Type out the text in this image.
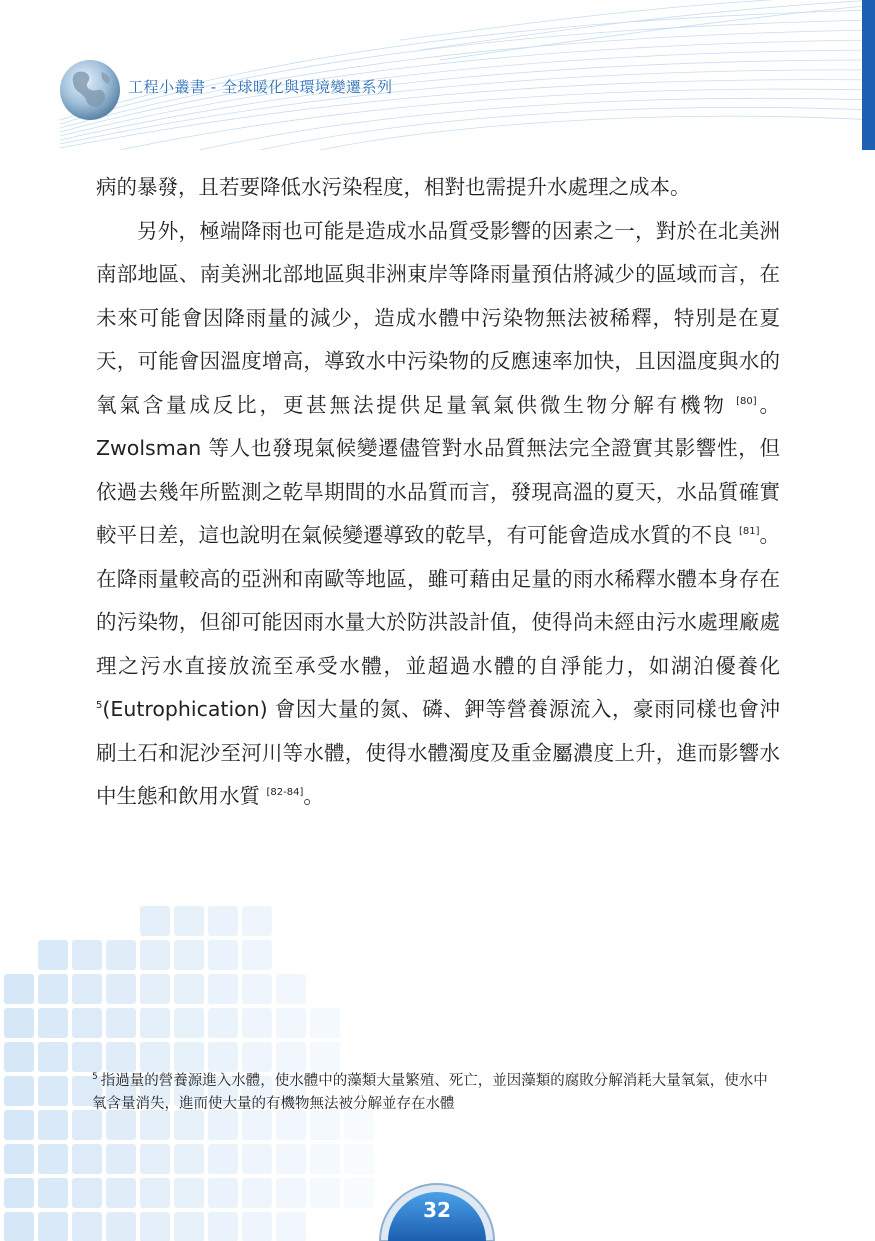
工程小叢書 - 全球暖化與環境變遷系列

病的暴發，且若要降低水污染程度，相對也需提升水處理之成本。

另外，極端降雨也可能是造成水品質受影響的因素之一，對於在北美洲南部地區、南美洲北部地區與非洲東岸等降雨量預估將減少的區域而言，在未來可能會因降雨量的減少，造成水體中污染物無法被稀釋，特別是在夏天，可能會因溫度增高，導致水中污染物的反應速率加快，且因溫度與水的氧氣含量成反比，更甚無法提供足量氧氣供微生物分解有機物 [80]。Zwolsman 等人也發現氣候變遷儘管對水品質無法完全證實其影響性，但依過去幾年所監測之乾旱期間的水品質而言，發現高溫的夏天，水品質確實較平日差，這也說明在氣候變遷導致的乾旱，有可能會造成水質的不良 [81]。在降雨量較高的亞洲和南歐等地區，雖可藉由足量的雨水稀釋水體本身存在的污染物，但卻可能因雨水量大於防洪設計值，使得尚未經由污水處理廠處理之污水直接放流至承受水體，並超過水體的自淨能力，如湖泊優養化 $^5$(Eutrophication) 會因大量的氮、磷、鉀等營養源流入，豪雨同樣也會沖刷土石和泥沙至河川等水體，使得水體濁度及重金屬濃度上升，進而影響水中生態和飲用水質 [82-84]。

$^5$ 指過量的營養源進入水體，使水體中的藻類大量繁殖、死亡，並因藻類的腐敗分解消耗大量氧氣，使水中氧含量消失，進而使大量的有機物無法被分解並存在水體
32
